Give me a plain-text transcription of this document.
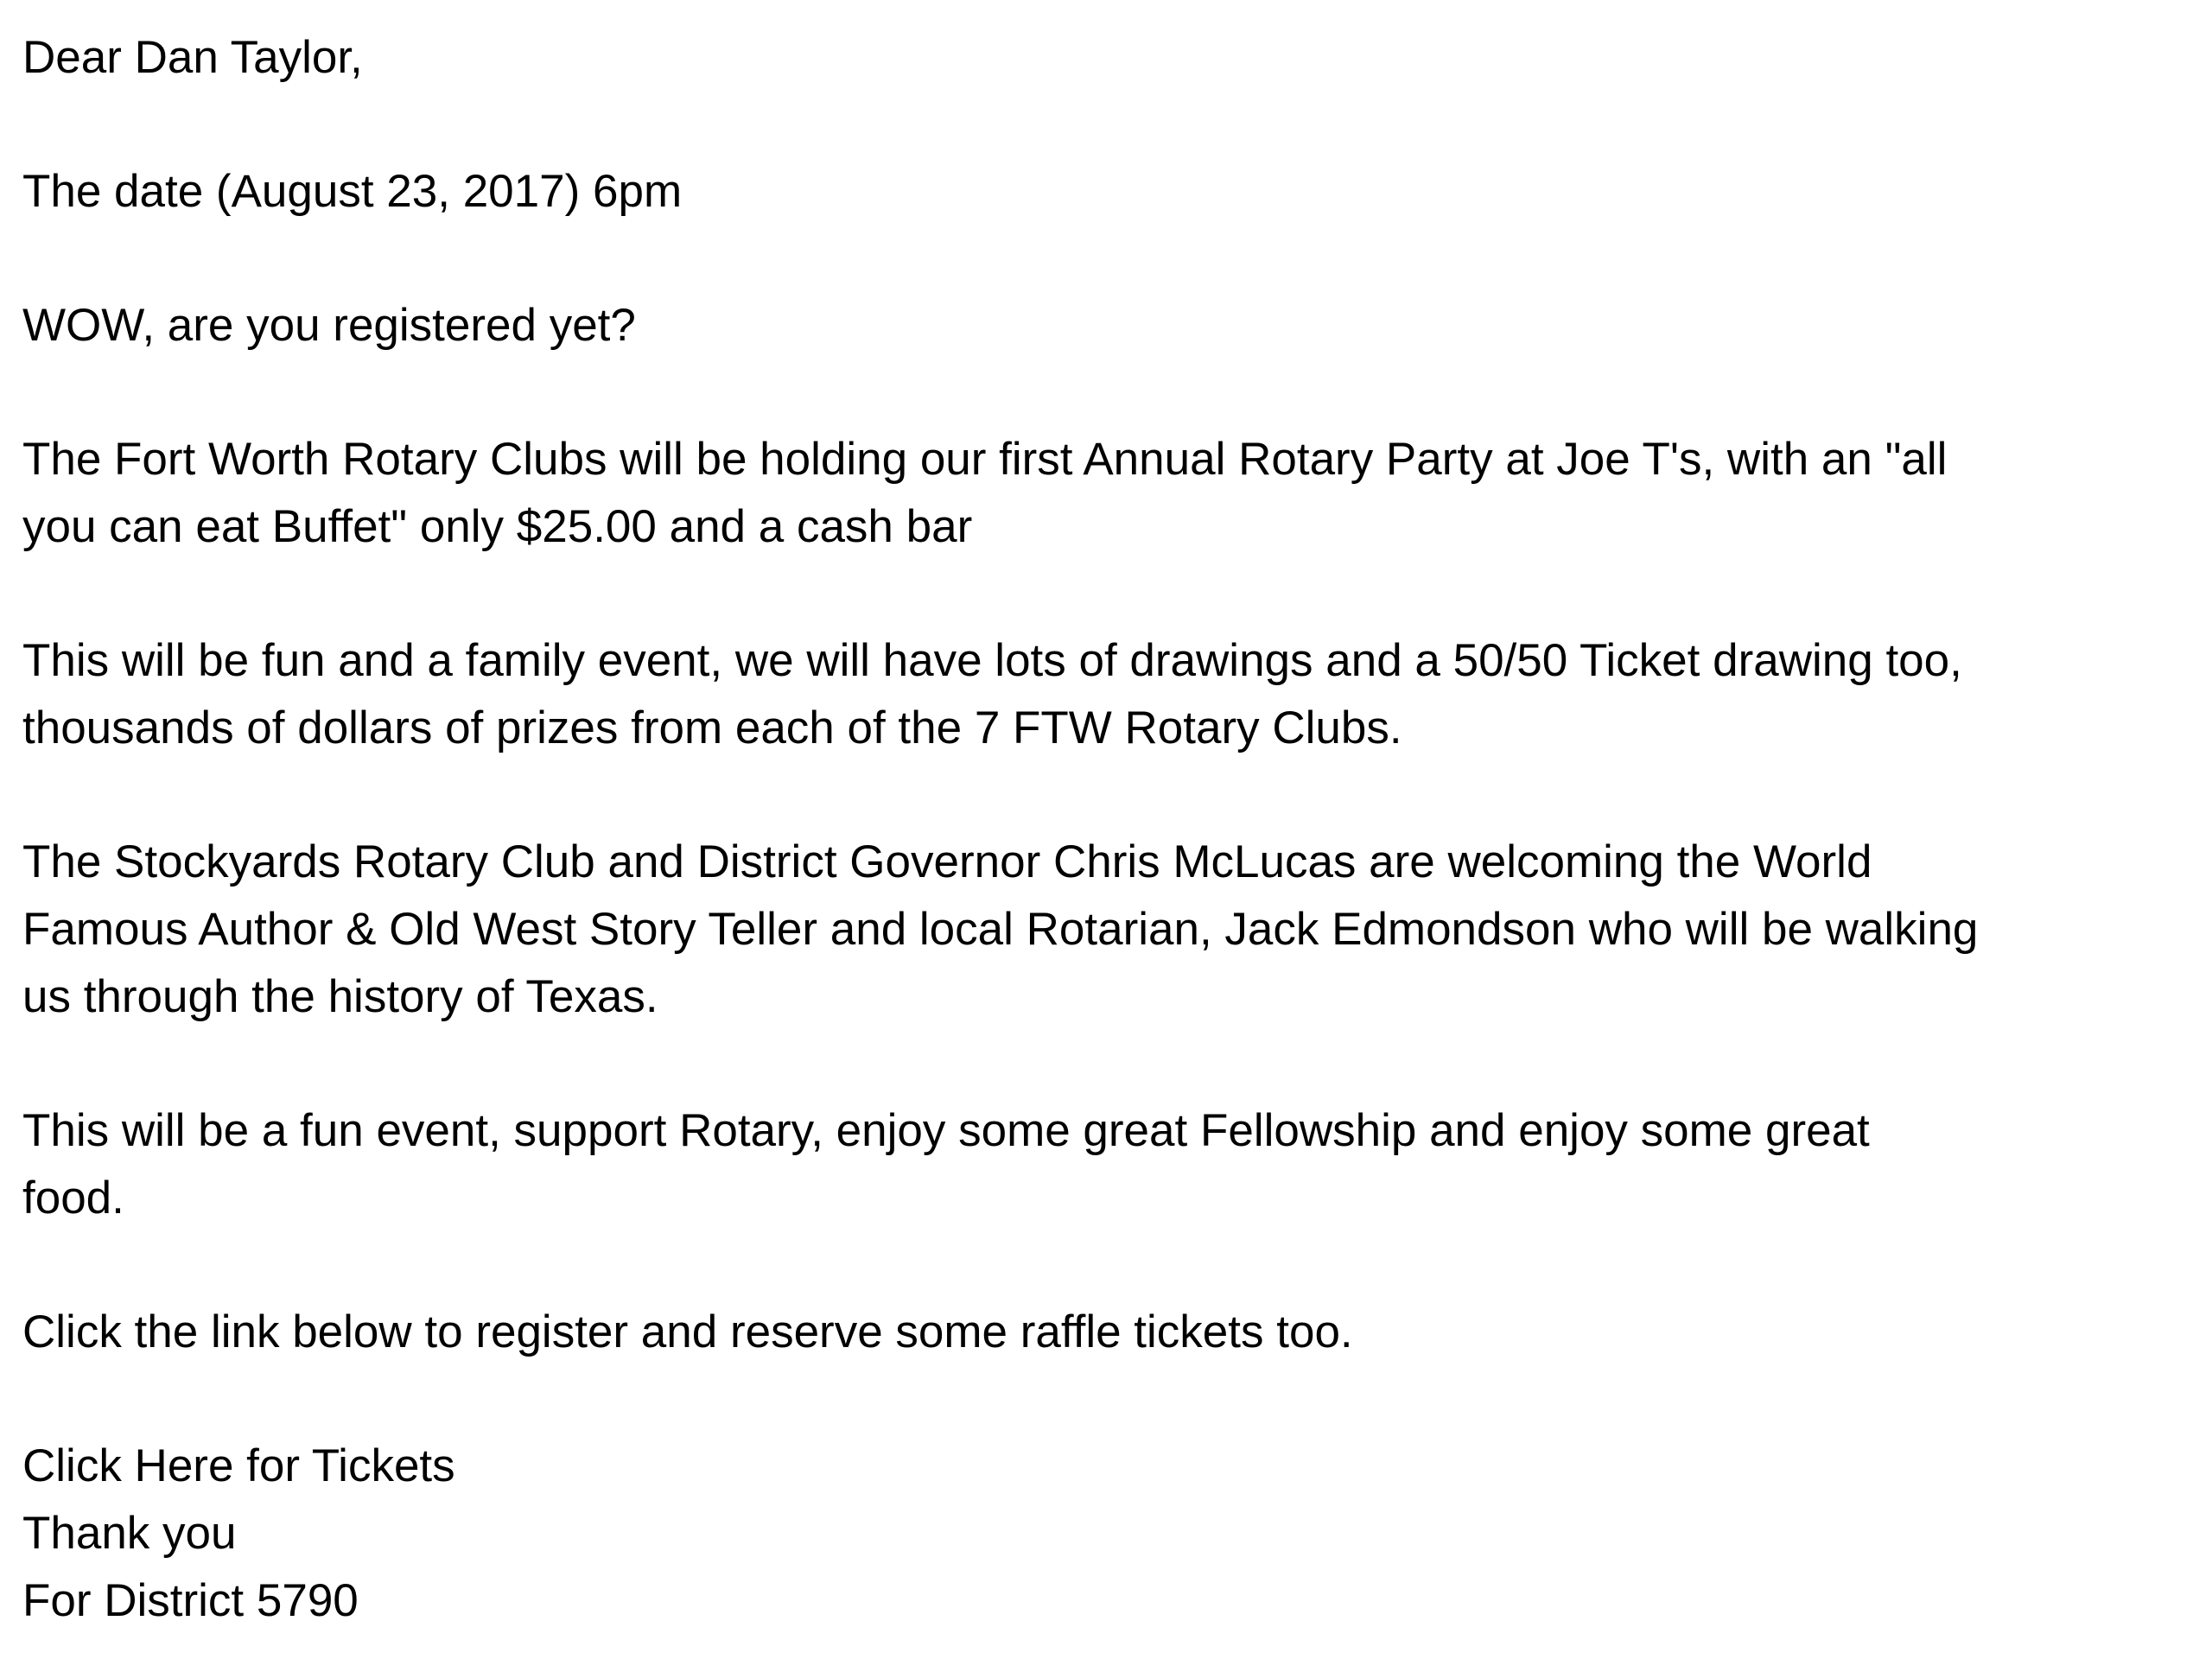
Dear Dan Taylor,

The date (August 23, 2017) 6pm

WOW, are you registered yet?

The Fort Worth Rotary Clubs will be holding our first Annual Rotary Party at Joe T's, with an "all
you can eat Buffet" only $25.00 and a cash bar

This will be fun and a family event, we will have lots of drawings and a 50/50 Ticket drawing too,
thousands of dollars of prizes from each of the 7 FTW Rotary Clubs.

The Stockyards Rotary Club and District Governor Chris McLucas are welcoming the World
Famous Author & Old West Story Teller and local Rotarian, Jack Edmondson who will be walking
us through the history of Texas.

This will be a fun event, support Rotary, enjoy some great Fellowship and enjoy some great
food.

Click the link below to register and reserve some raffle tickets too.

Click Here for Tickets
Thank you
For District 5790
